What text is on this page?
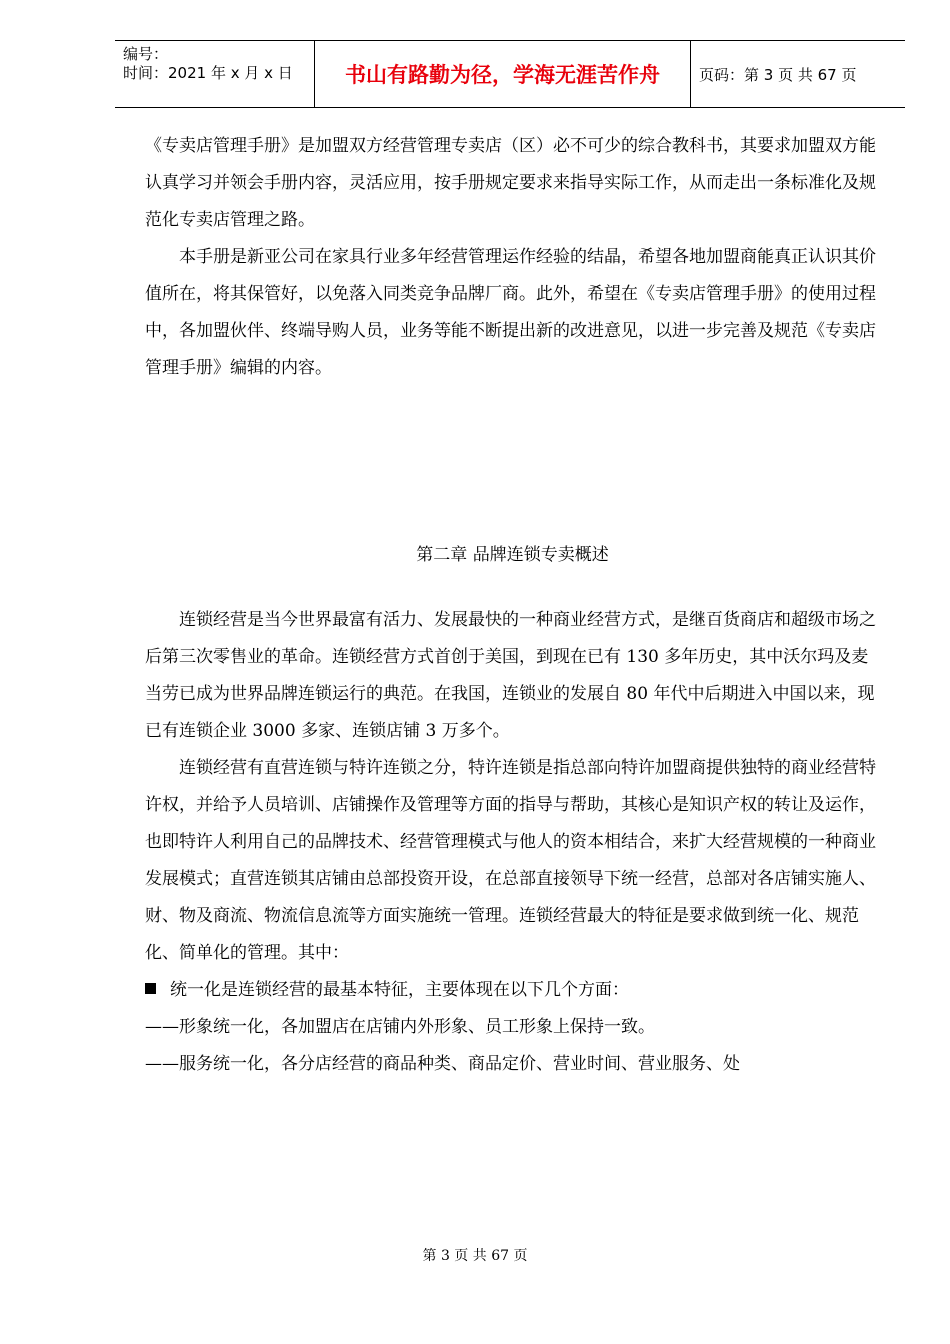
编号：
时间：2021 年 x 月 x 日	书山有路勤为径，学海无涯苦作舟	页码：第 3 页 共 67 页

《专卖店管理手册》是加盟双方经营管理专卖店（区）必不可少的综合教科书，其要求加盟双方能认真学习并领会手册内容，灵活应用，按手册规定要求来指导实际工作，从而走出一条标准化及规范化专卖店管理之路。

本手册是新亚公司在家具行业多年经营管理运作经验的结晶，希望各地加盟商能真正认识其价值所在，将其保管好，以免落入同类竞争品牌厂商。此外，希望在《专卖店管理手册》的使用过程中，各加盟伙伴、终端导购人员，业务等能不断提出新的改进意见，以进一步完善及规范《专卖店管理手册》编辑的内容。

第二章 品牌连锁专卖概述

连锁经营是当今世界最富有活力、发展最快的一种商业经营方式，是继百货商店和超级市场之后第三次零售业的革命。连锁经营方式首创于美国，到现在已有 130 多年历史，其中沃尔玛及麦当劳已成为世界品牌连锁运行的典范。在我国，连锁业的发展自 80 年代中后期进入中国以来，现已有连锁企业 3000 多家、连锁店铺 3 万多个。

连锁经营有直营连锁与特许连锁之分，特许连锁是指总部向特许加盟商提供独特的商业经营特许权，并给予人员培训、店铺操作及管理等方面的指导与帮助，其核心是知识产权的转让及运作，也即特许人利用自己的品牌技术、经营管理模式与他人的资本相结合，来扩大经营规模的一种商业发展模式；直营连锁其店铺由总部投资开设，在总部直接领导下统一经营，总部对各店铺实施人、财、物及商流、物流信息流等方面实施统一管理。连锁经营最大的特征是要求做到统一化、规范化、简单化的管理。其中：

统一化是连锁经营的最基本特征，主要体现在以下几个方面：

——形象统一化，各加盟店在店铺内外形象、员工形象上保持一致。

——服务统一化，各分店经营的商品种类、商品定价、营业时间、营业服务、处

第 3 页 共 67 页
